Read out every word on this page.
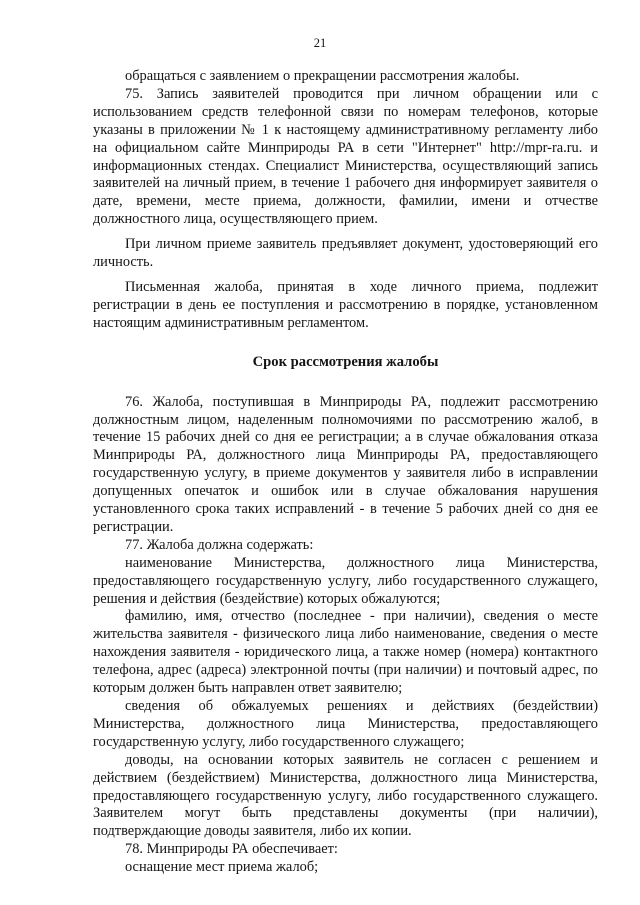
21

обращаться с заявлением о прекращении рассмотрения жалобы.

75. Запись заявителей проводится при личном обращении или с использованием средств телефонной связи по номерам телефонов, которые указаны в приложении № 1 к настоящему административному регламенту либо на официальном сайте Минприроды РА в сети "Интернет" http://mpr-ra.ru. и информационных стендах. Специалист Министерства, осуществляющий запись заявителей на личный прием, в течение 1 рабочего дня информирует заявителя о дате, времени, месте приема, должности, фамилии, имени и отчестве должностного лица, осуществляющего прием.

При личном приеме заявитель предъявляет документ, удостоверяющий его личность.

Письменная жалоба, принятая в ходе личного приема, подлежит регистрации в день ее поступления и рассмотрению в порядке, установленном настоящим административным регламентом.

Срок рассмотрения жалобы

76. Жалоба, поступившая в Минприроды РА, подлежит рассмотрению должностным лицом, наделенным полномочиями по рассмотрению жалоб, в течение 15 рабочих дней со дня ее регистрации; а в случае обжалования отказа Минприроды РА, должностного лица Минприроды РА, предоставляющего государственную услугу, в приеме документов у заявителя либо в исправлении допущенных опечаток и ошибок или в случае обжалования нарушения установленного срока таких исправлений - в течение 5 рабочих дней со дня ее регистрации.

77. Жалоба должна содержать:

наименование Министерства, должностного лица Министерства, предоставляющего государственную услугу, либо государственного служащего, решения и действия (бездействие) которых обжалуются;

фамилию, имя, отчество (последнее - при наличии), сведения о месте жительства заявителя - физического лица либо наименование, сведения о месте нахождения заявителя - юридического лица, а также номер (номера) контактного телефона, адрес (адреса) электронной почты (при наличии) и почтовый адрес, по которым должен быть направлен ответ заявителю;

сведения об обжалуемых решениях и действиях (бездействии) Министерства, должностного лица Министерства, предоставляющего государственную услугу, либо государственного служащего;

доводы, на основании которых заявитель не согласен с решением и действием (бездействием) Министерства, должностного лица Министерства, предоставляющего государственную услугу, либо государственного служащего. Заявителем могут быть представлены документы (при наличии), подтверждающие доводы заявителя, либо их копии.

78. Минприроды РА обеспечивает:

оснащение мест приема жалоб;
